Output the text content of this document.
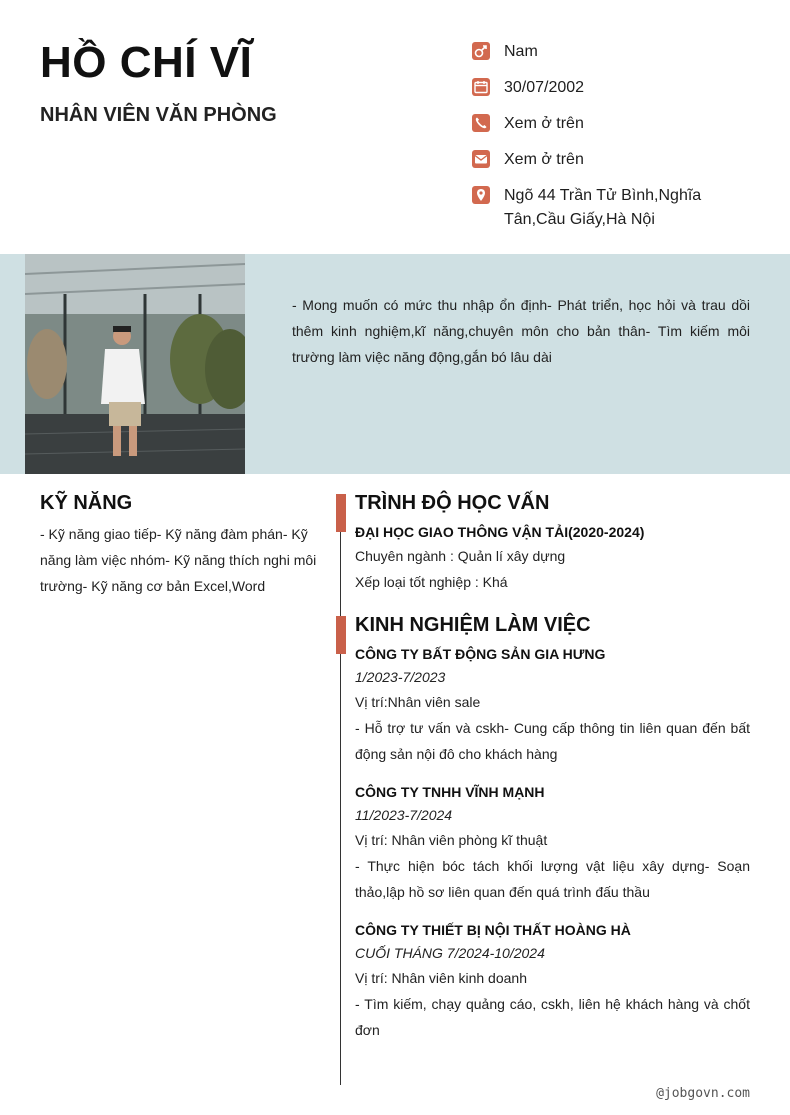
HỒ CHÍ VĨ
NHÂN VIÊN VĂN PHÒNG
Nam
30/07/2002
Xem ở trên
Xem ở trên
Ngõ 44 Trần Tử Bình,Nghĩa Tân,Cầu Giấy,Hà Nội
- Mong muốn có mức thu nhập ổn định- Phát triển, học hỏi và trau dồi thêm kinh nghiệm,kĩ năng,chuyên môn cho bản thân- Tìm kiếm môi trường làm việc năng động,gắn bó lâu dài
KỸ NĂNG
- Kỹ năng giao tiếp- Kỹ năng đàm phán- Kỹ năng làm việc nhóm- Kỹ năng thích nghi môi trường- Kỹ năng cơ bản Excel,Word
TRÌNH ĐỘ HỌC VẤN
ĐẠI HỌC GIAO THÔNG VẬN TẢI(2020-2024)
Chuyên ngành : Quản lí xây dựng
Xếp loại tốt nghiệp : Khá
KINH NGHIỆM LÀM VIỆC
CÔNG TY BẤT ĐỘNG SẢN GIA HƯNG
1/2023-7/2023
Vị trí:Nhân viên sale
- Hỗ trợ tư vấn và cskh- Cung cấp thông tin liên quan đến bất động sản nội đô cho khách hàng
CÔNG TY TNHH VĨNH MẠNH
11/2023-7/2024
Vị trí: Nhân viên phòng kĩ thuật
- Thực hiện bóc tách khối lượng vật liệu xây dựng- Soạn thảo,lập hồ sơ liên quan đến quá trình đấu thầu
CÔNG TY THIẾT BỊ NỘI THẤT HOÀNG HÀ
CUỐI THÁNG 7/2024-10/2024
Vị trí: Nhân viên kinh doanh
- Tìm kiếm, chạy quảng cáo, cskh, liên hệ khách hàng và chốt đơn
@jobgovn.com
